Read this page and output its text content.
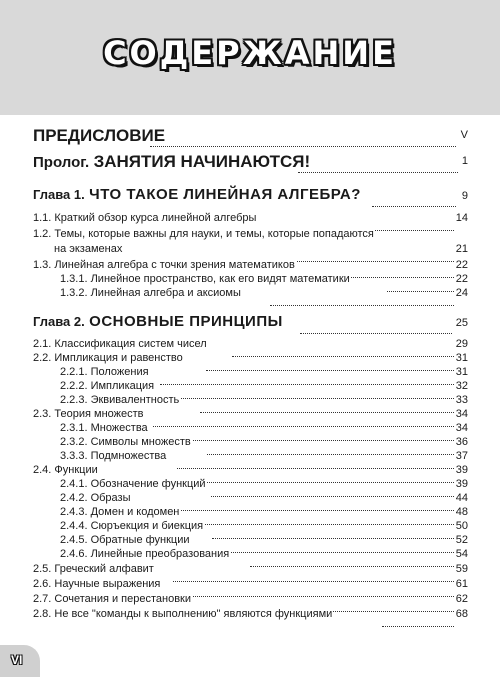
СОДЕРЖАНИЕ
ПРЕДИСЛОВИЕ	V
Пролог. ЗАНЯТИЯ НАЧИНАЮТСЯ!	1
Глава 1. ЧТО ТАКОЕ ЛИНЕЙНАЯ АЛГЕБРА?	9
1.1. Краткий обзор курса линейной алгебры	14
1.2. Темы, которые важны для науки, и темы, которые попадаются
на экзаменах	21
1.3. Линейная алгебра с точки зрения математиков	22
1.3.1. Линейное пространство, как его видят математики	22
1.3.2. Линейная алгебра и аксиомы	24
Глава 2. ОСНОВНЫЕ ПРИНЦИПЫ	25
2.1. Классификация систем чисел	29
2.2. Импликация и равенство	31
2.2.1. Положения	31
2.2.2. Импликация	32
2.2.3. Эквивалентность	33
2.3. Теория множеств	34
2.3.1. Множества	34
2.3.2. Символы множеств	36
3.3.3. Подмножества	37
2.4. Функции	39
2.4.1. Обозначение функций	39
2.4.2. Образы	44
2.4.3. Домен и кодомен	48
2.4.4. Сюръекция и биекция	50
2.4.5. Обратные функции	52
2.4.6. Линейные преобразования	54
2.5. Греческий алфавит	59
2.6. Научные выражения	61
2.7. Сочетания и перестановки	62
2.8. Не все "команды к выполнению" являются функциями	68
VI
